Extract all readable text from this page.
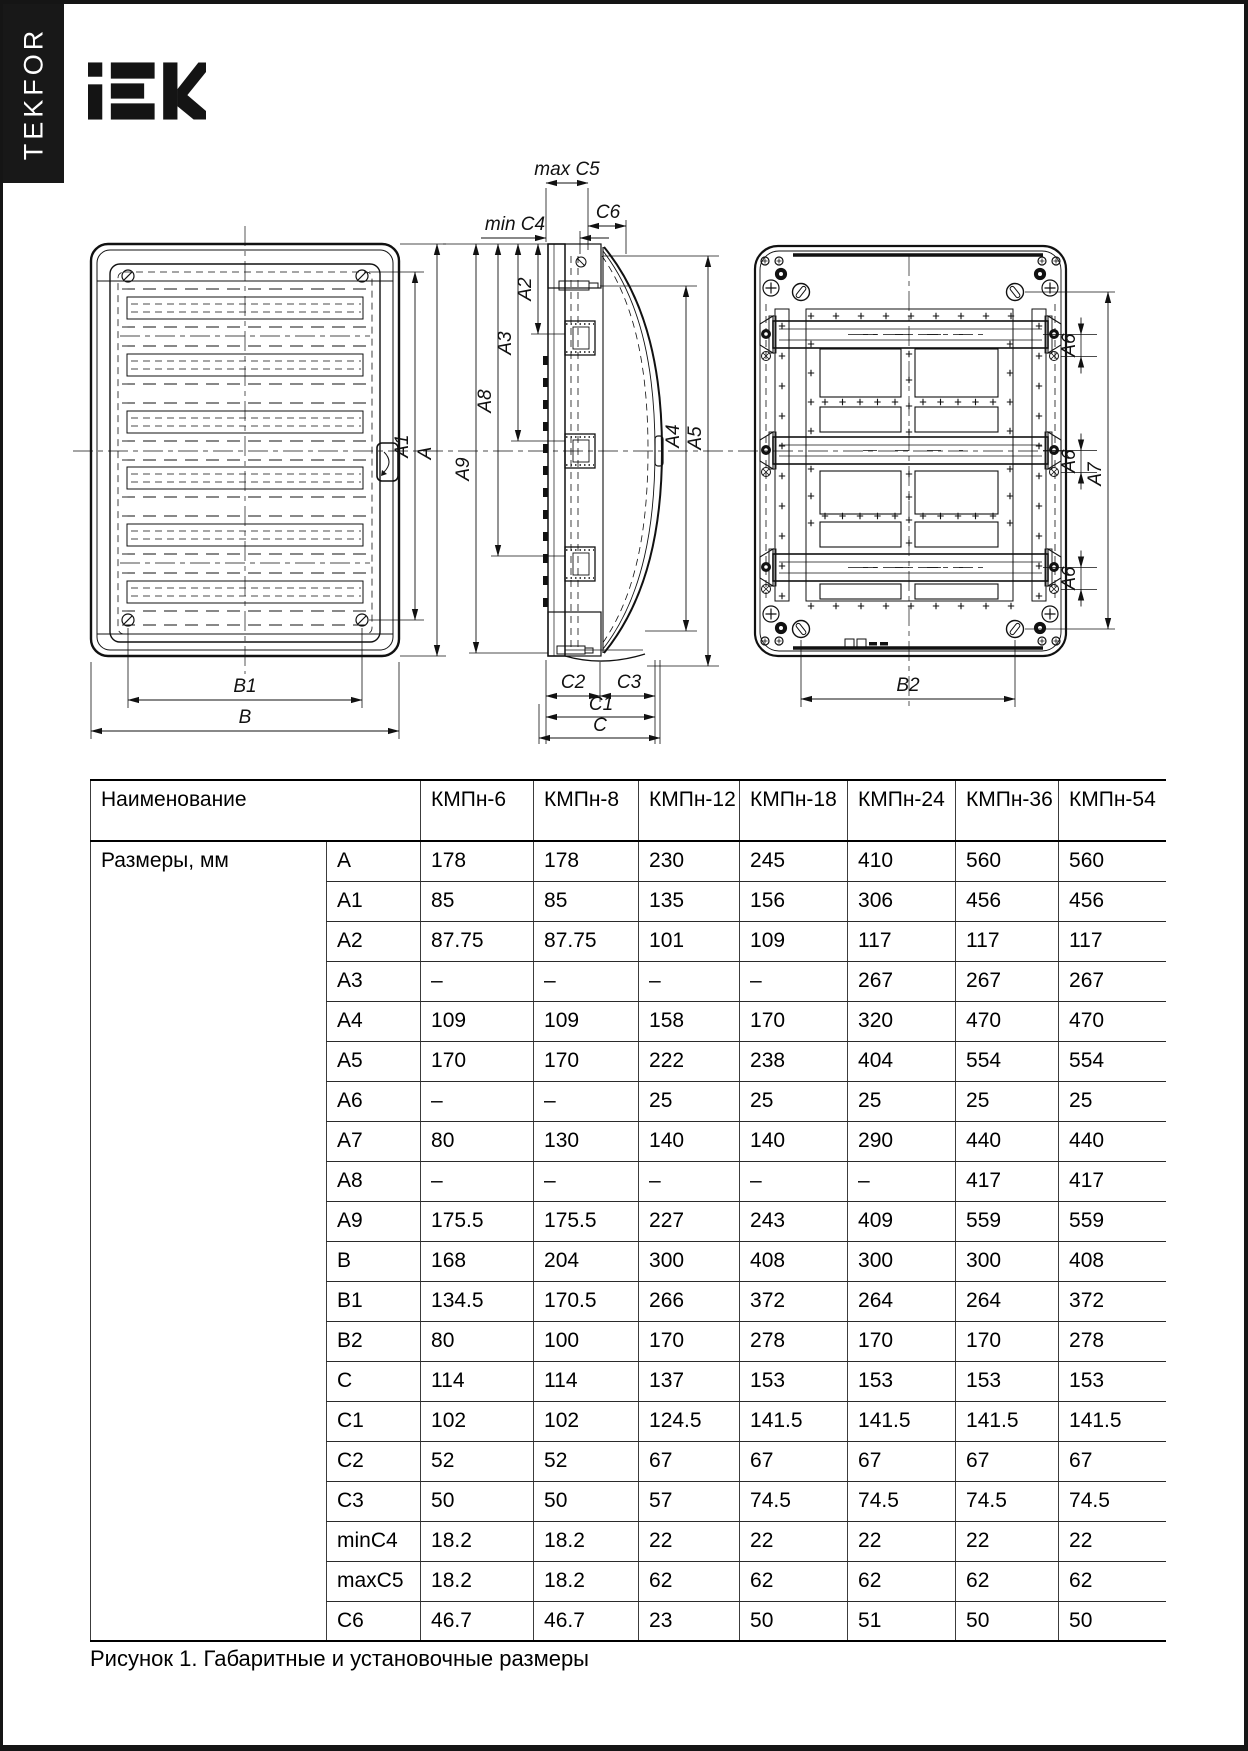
TEKFOR
A1 A
B1
B
max C5
C6
min C4
A2
A3
A8
A9
A4 A5
C2 C3
C1
C
A6
A6
A6
A7
B2
Наименование		КМПн-6	КМПн-8	КМПн-12	КМПн-18	КМПн-24	КМПн-36	КМПн-54
Размеры, мм	A	178	178	230	245	410	560	560
	A1	85	85	135	156	306	456	456
	A2	87.75	87.75	101	109	117	117	117
	A3	–	–	–	–	267	267	267
	A4	109	109	158	170	320	470	470
	A5	170	170	222	238	404	554	554
	A6	–	–	25	25	25	25	25
	A7	80	130	140	140	290	440	440
	A8	–	–	–	–	–	417	417
	A9	175.5	175.5	227	243	409	559	559
	B	168	204	300	408	300	300	408
	B1	134.5	170.5	266	372	264	264	372
	B2	80	100	170	278	170	170	278
	C	114	114	137	153	153	153	153
	C1	102	102	124.5	141.5	141.5	141.5	141.5
	C2	52	52	67	67	67	67	67
	C3	50	50	57	74.5	74.5	74.5	74.5
	minC4	18.2	18.2	22	22	22	22	22
	maxC5	18.2	18.2	62	62	62	62	62
	C6	46.7	46.7	23	50	51	50	50
Рисунок 1. Габаритные и установочные размеры
